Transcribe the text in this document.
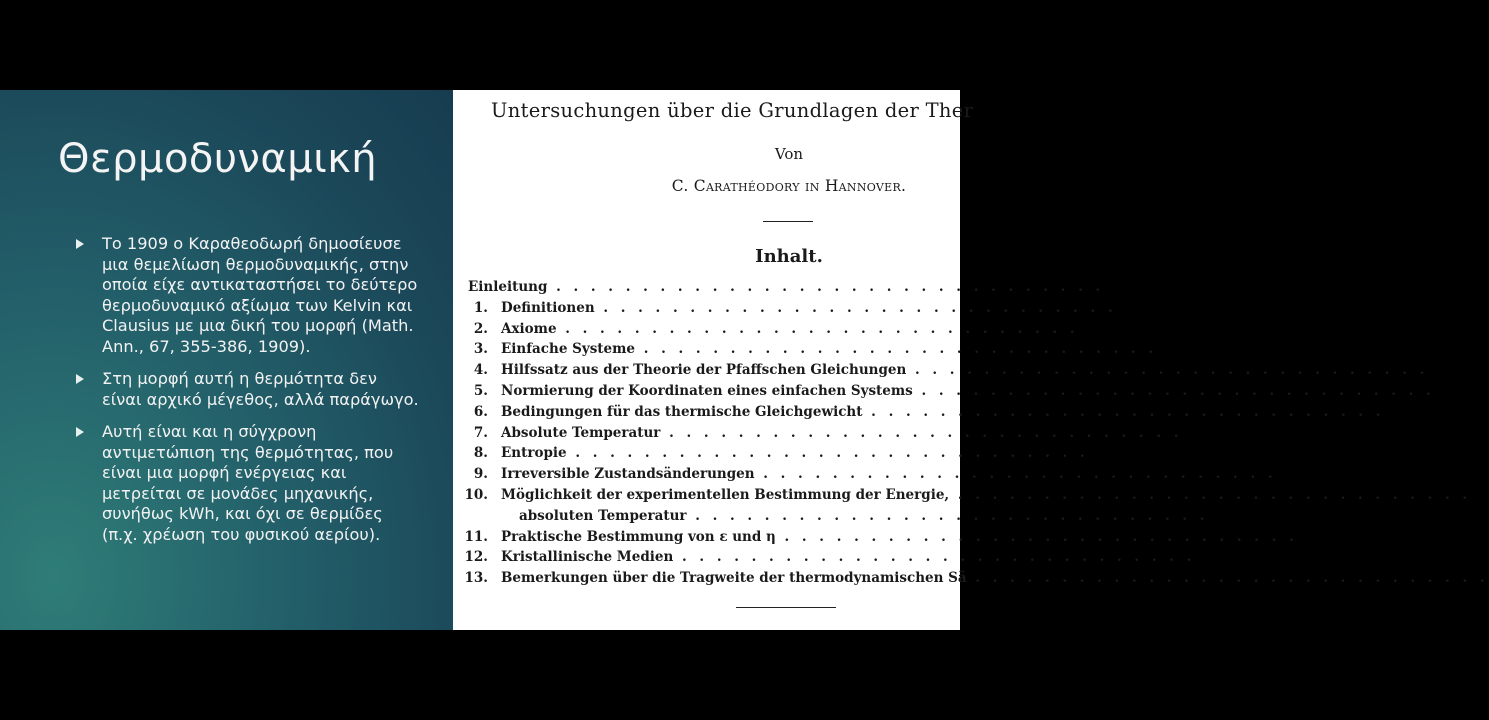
Θερμοδυναμική
Το 1909 ο Καραθεοδωρή δημοσίευσε μια θεμελίωση θερμοδυναμικής, στην οποία είχε αντικαταστήσει το δεύτερο θερμοδυναμικό αξίωμα των Kelvin και Clausius με μια δική του μορφή (Math. Ann., 67, 355-386, 1909).
Στη μορφή αυτή η θερμότητα δεν είναι αρχικό μέγεθος, αλλά παράγωγο.
Αυτή είναι και η σύγχρονη αντιμετώπιση της θερμότητας, που είναι μια μορφή ενέργειας και μετρείται σε μονάδες μηχανικής, συνήθως kWh, και όχι σε θερμίδες (π.χ. χρέωση του φυσικού αερίου).
Untersuchungen über die Grundlagen der Ther
Von
C. Carathéodory in Hannover.
Inhalt.
Einleitung . . . . . . . . . . . . . . . . . . . . . . . . . . . . . . . .
1. Definitionen . . . . . . . . . . . . . . . . . . . . . . . . . . . . . .
2. Axiome . . . . . . . . . . . . . . . . . . . . . . . . . . . . . .
3. Einfache Systeme . . . . . . . . . . . . . . . . . . . . . . . . . . . . . .
4. Hilfssatz aus der Theorie der Pfaffschen Gleichungen . . . . . . . . . . . . . . . . . . . . . . . . . . . . . .
5. Normierung der Koordinaten eines einfachen Systems . . . . . . . . . . . . . . . . . . . . . . . . . . . . . .
6. Bedingungen für das thermische Gleichgewicht . . . . . . . . . . . . . . . . . . . . . . . . . . . . . .
7. Absolute Temperatur . . . . . . . . . . . . . . . . . . . . . . . . . . . . . .
8. Entropie . . . . . . . . . . . . . . . . . . . . . . . . . . . . . .
9. Irreversible Zustandsänderungen . . . . . . . . . . . . . . . . . . . . . . . . . . . . . .
10. Möglichkeit der experimentellen Bestimmung der Energie, . . . . . . . . . . . . . . . . . . . . . . . . . . . . . .
absoluten Temperatur . . . . . . . . . . . . . . . . . . . . . . . . . . . . . .
11. Praktische Bestimmung von ε und η . . . . . . . . . . . . . . . . . . . . . . . . . . . . . .
12. Kristallinische Medien . . . . . . . . . . . . . . . . . . . . . . . . . . . . . .
13. Bemerkungen über die Tragweite der thermodynamischen Sä . . . . . . . . . . . . . . . . . . . . . . . . . . . . . .
